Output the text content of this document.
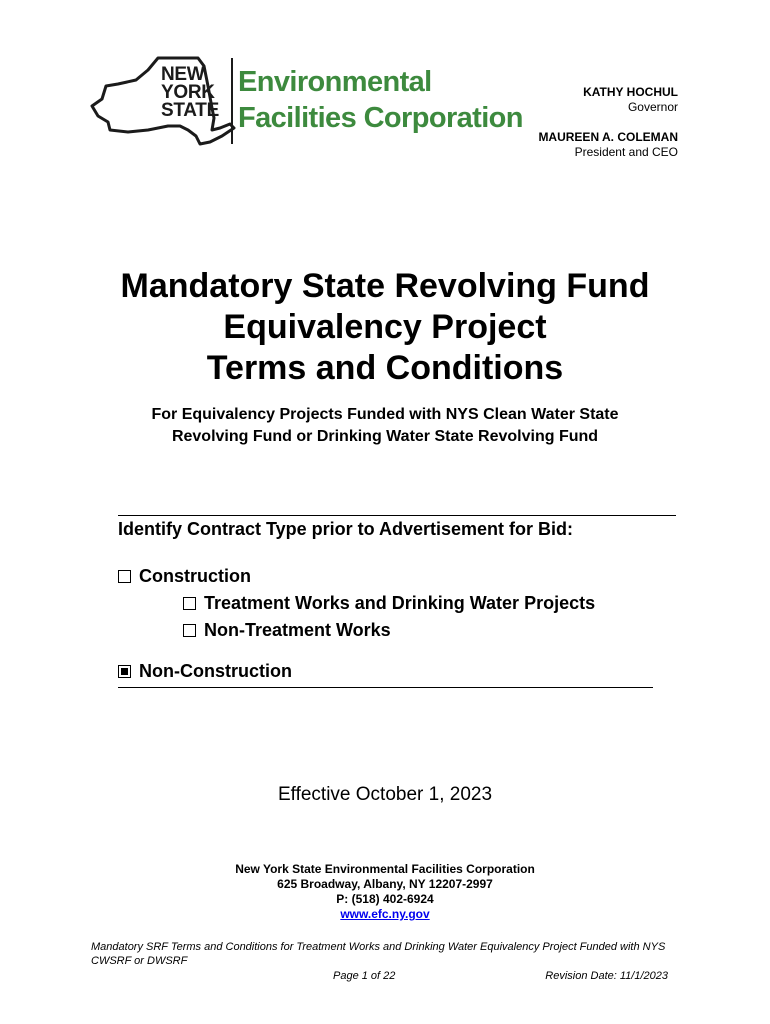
NEW
YORK
STATE
Environmental
Facilities Corporation
KATHY HOCHUL
Governor
MAUREEN A. COLEMAN
President and CEO
Mandatory State Revolving Fund
Equivalency Project
Terms and Conditions
For Equivalency Projects Funded with NYS Clean Water State
Revolving Fund or Drinking Water State Revolving Fund
Identify Contract Type prior to Advertisement for Bid:
Construction
Treatment Works and Drinking Water Projects
Non-Treatment Works
Non-Construction
Effective October 1, 2023
New York State Environmental Facilities Corporation
625 Broadway, Albany, NY 12207-2997
P: (518) 402-6924
www.efc.ny.gov
Mandatory SRF Terms and Conditions for Treatment Works and Drinking Water Equivalency Project Funded with NYS CWSRF or DWSRF
Page 1 of 22	Revision Date: 11/1/2023
